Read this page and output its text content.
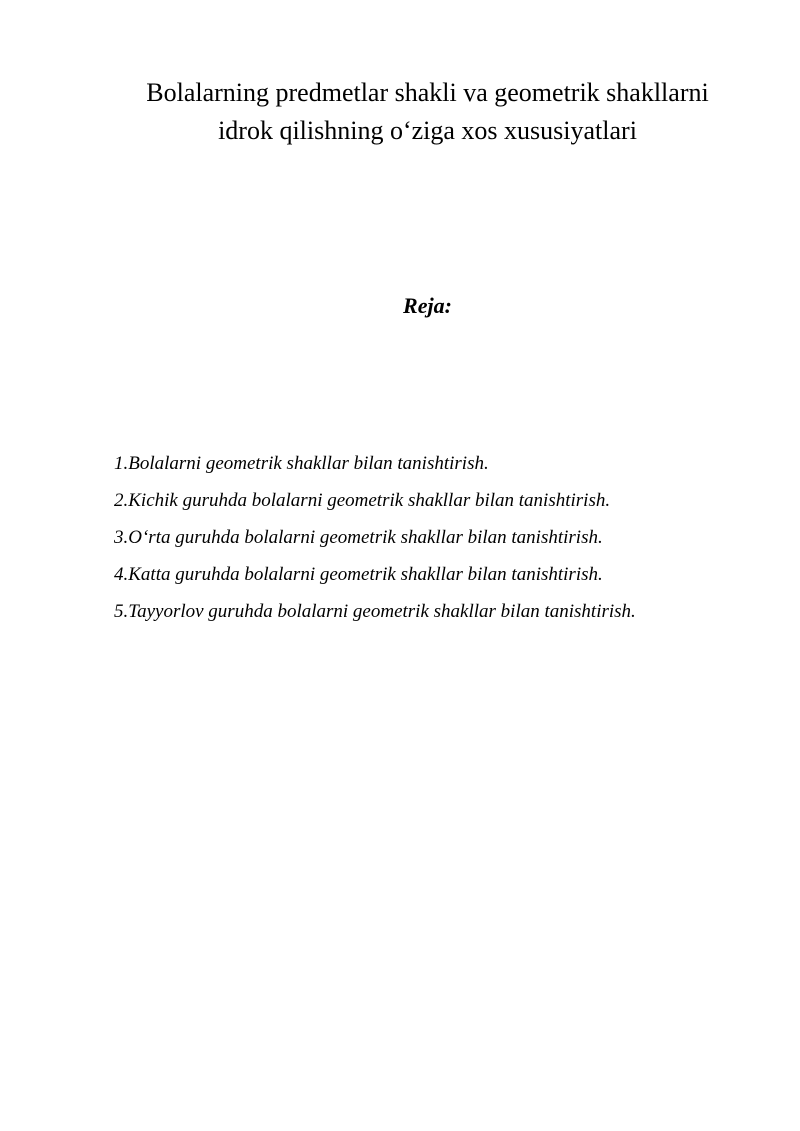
Bolalarning predmetlar shakli va geometrik shakllarni
idrok qilishning o‘ziga xos xususiyatlari
Reja:
1.Bolalarni geometrik shakllar bilan tanishtirish.
2.Kichik guruhda bolalarni geometrik shakllar bilan tanishtirish.
3.O‘rta guruhda bolalarni geometrik shakllar bilan tanishtirish.
4.Katta guruhda bolalarni geometrik shakllar bilan tanishtirish.
5.Tayyorlov guruhda bolalarni geometrik shakllar bilan tanishtirish.
